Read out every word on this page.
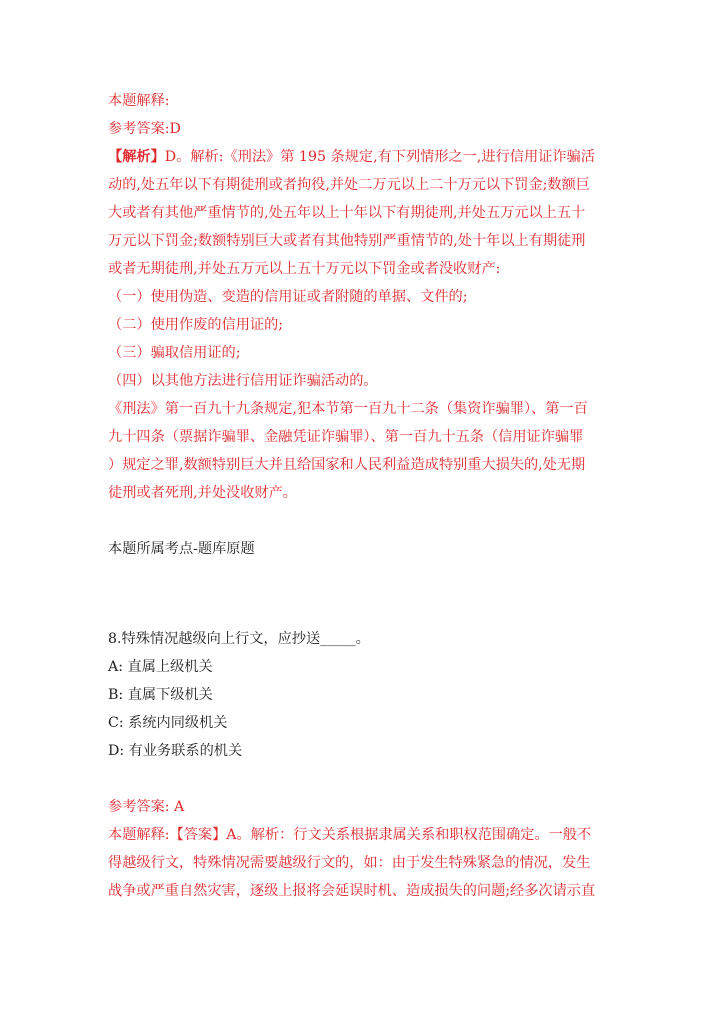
本题解释:
参考答案:D
【解析】D。解析:《刑法》第 195 条规定,有下列情形之一,进行信用证诈骗活
动的,处五年以下有期徒刑或者拘役,并处二万元以上二十万元以下罚金;数额巨
大或者有其他严重情节的,处五年以上十年以下有期徒刑,并处五万元以上五十
万元以下罚金;数额特别巨大或者有其他特别严重情节的,处十年以上有期徒刑
或者无期徒刑,并处五万元以上五十万元以下罚金或者没收财产:
（一）使用伪造、变造的信用证或者附随的单据、文件的;
（二）使用作废的信用证的;
（三）骗取信用证的;
（四）以其他方法进行信用证诈骗活动的。
《刑法》第一百九十九条规定,犯本节第一百九十二条（集资诈骗罪）、第一百
九十四条（票据诈骗罪、金融凭证诈骗罪）、第一百九十五条（信用证诈骗罪
）规定之罪,数额特别巨大并且给国家和人民利益造成特别重大损失的,处无期
徒刑或者死刑,并处没收财产。
本题所属考点-题库原题
8.特殊情况越级向上行文，应抄送_____。
A: 直属上级机关
B: 直属下级机关
C: 系统内同级机关
D: 有业务联系的机关
参考答案: A
本题解释:【答案】A。解析：行文关系根据隶属关系和职权范围确定。一般不
得越级行文，特殊情况需要越级行文的，如：由于发生特殊紧急的情况，发生
战争或严重自然灾害，逐级上报将会延误时机、造成损失的问题;经多次请示直
